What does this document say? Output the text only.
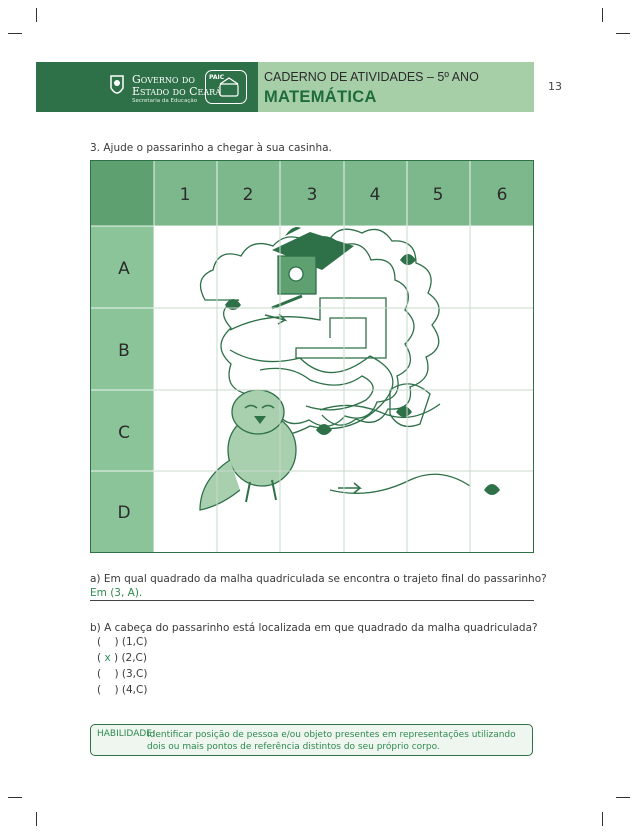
Governo do
Estado do Ceará
Secretaria da Educação
PAIC	CADERNO DE ATIVIDADES – 5º ANO
MATEMÁTICA
13
3. Ajude o passarinho a chegar à sua casinha.
1	2	3	4	5	6
A
B
C
D
a) Em qual quadrado da malha quadriculada se encontra o trajeto final do passarinho?
Em (3, A).
b) A cabeça do passarinho está localizada em que quadrado da malha quadriculada?
(    ) (1,C)
( x ) (2,C)
(    ) (3,C)
(    ) (4,C)
HABILIDADE:
Identificar posição de pessoa e/ou objeto presentes em representações utilizando dois ou mais pontos de referência distintos do seu próprio corpo.
